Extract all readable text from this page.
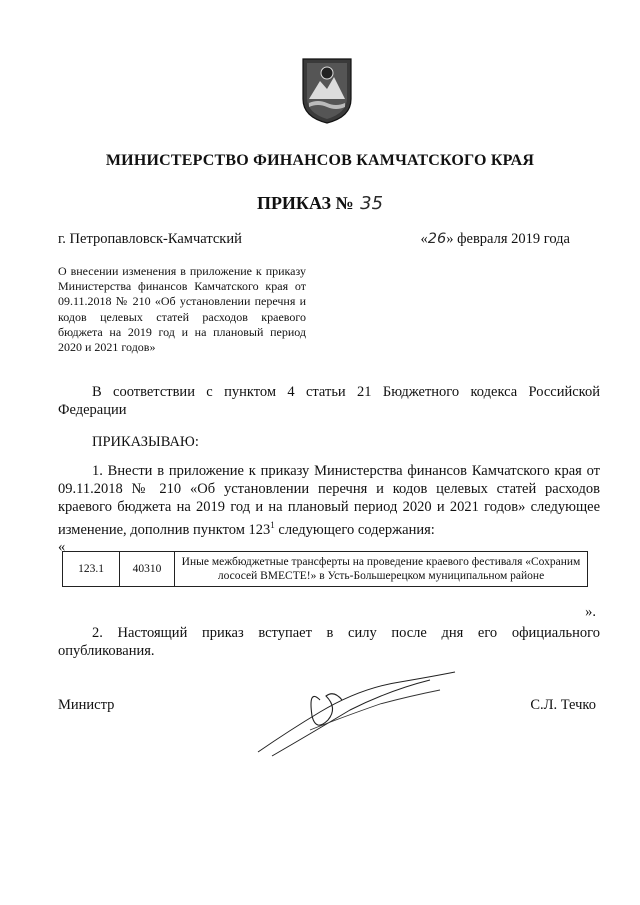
МИНИСТЕРСТВО ФИНАНСОВ КАМЧАТСКОГО КРАЯ
ПРИКАЗ № 35
г. Петропавловск-Камчатский	«26» февраля 2019 года
О внесении изменения в приложение к приказу Министерства финансов Камчатского края от 09.11.2018 № 210 «Об установлении перечня и кодов целевых статей расходов краевого бюджета на 2019 год и на плановый период 2020 и 2021 годов»
В соответствии с пунктом 4 статьи 21 Бюджетного кодекса Российской Федерации
ПРИКАЗЫВАЮ:
1. Внести в приложение к приказу Министерства финансов Камчатского края от 09.11.2018 № 210 «Об установлении перечня и кодов целевых статей расходов краевого бюджета на 2019 год и на плановый период 2020 и 2021 годов» следующее изменение, дополнив пунктом $123^1$ следующего содержания:
«
123.1	40310	Иные межбюджетные трансферты на проведение краевого фестиваля «Сохраним лососей ВМЕСТЕ!» в Усть-Большерецком муниципальном районе
».
2. Настоящий приказ вступает в силу после дня его официального опубликования.
Министр	С.Л. Течко
